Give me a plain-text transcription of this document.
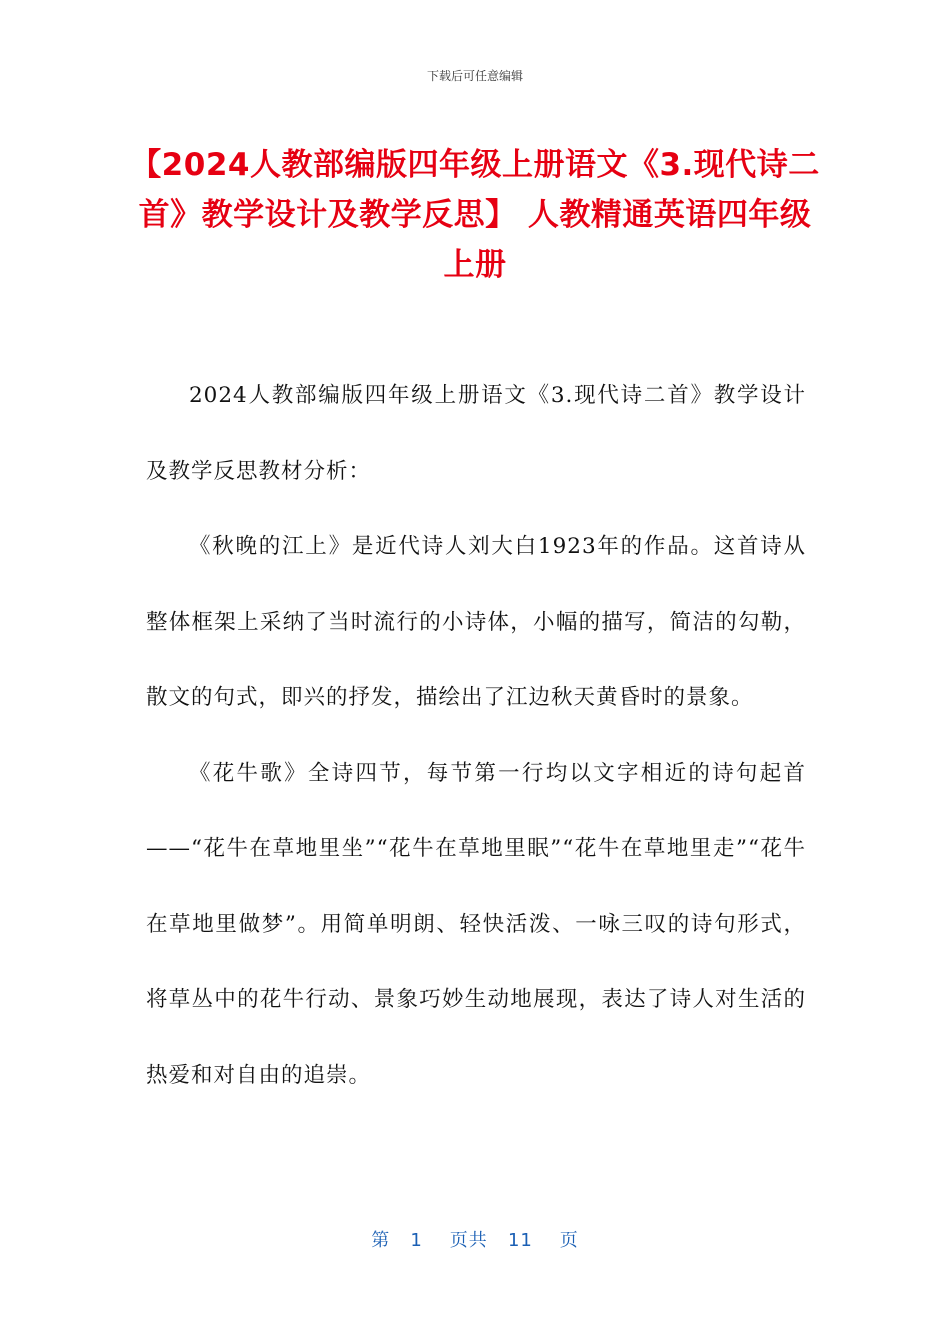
下载后可任意编辑
【2024人教部编版四年级上册语文《3.现代诗二首》教学设计及教学反思】 人教精通英语四年级上册

2024人教部编版四年级上册语文《3.现代诗二首》教学设计及教学反思教材分析：

《秋晚的江上》是近代诗人刘大白1923年的作品。这首诗从整体框架上采纳了当时流行的小诗体，小幅的描写，简洁的勾勒，散文的句式，即兴的抒发，描绘出了江边秋天黄昏时的景象。

《花牛歌》全诗四节，每节第一行均以文字相近的诗句起首——“花牛在草地里坐”“花牛在草地里眠”“花牛在草地里走”“花牛在草地里做梦”。用简单明朗、轻快活泼、一咏三叹的诗句形式，将草丛中的花牛行动、景象巧妙生动地展现，表达了诗人对生活的热爱和对自由的追崇。

第 1 页共 11 页
